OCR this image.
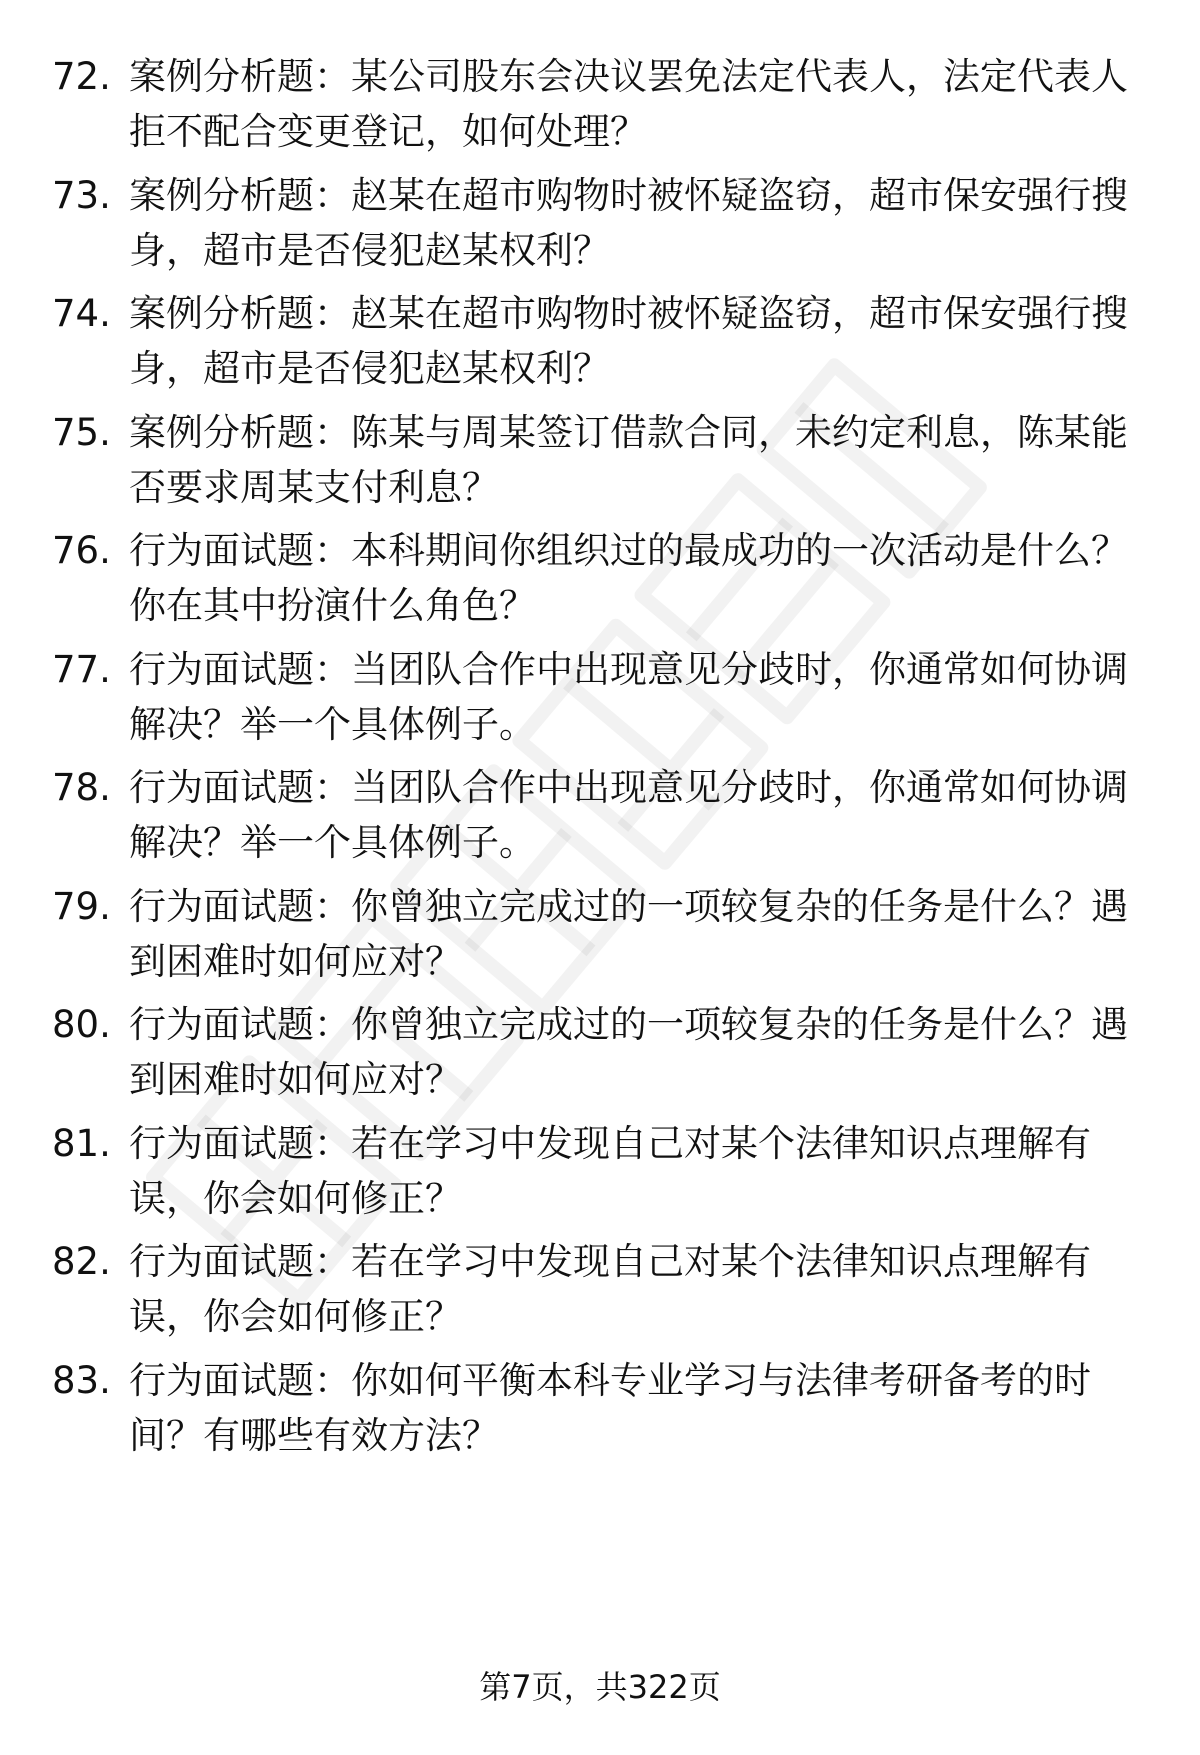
72. 案例分析题：某公司股东会决议罢免法定代表人，法定代表人拒不配合变更登记，如何处理？
73. 案例分析题：赵某在超市购物时被怀疑盗窃，超市保安强行搜身，超市是否侵犯赵某权利？
74. 案例分析题：赵某在超市购物时被怀疑盗窃，超市保安强行搜身，超市是否侵犯赵某权利？
75. 案例分析题：陈某与周某签订借款合同，未约定利息，陈某能否要求周某支付利息？
76. 行为面试题：本科期间你组织过的最成功的一次活动是什么？你在其中扮演什么角色？
77. 行为面试题：当团队合作中出现意见分歧时，你通常如何协调解决？举一个具体例子。
78. 行为面试题：当团队合作中出现意见分歧时，你通常如何协调解决？举一个具体例子。
79. 行为面试题：你曾独立完成过的一项较复杂的任务是什么？遇到困难时如何应对？
80. 行为面试题：你曾独立完成过的一项较复杂的任务是什么？遇到困难时如何应对？
81. 行为面试题：若在学习中发现自己对某个法律知识点理解有误，你会如何修正？
82. 行为面试题：若在学习中发现自己对某个法律知识点理解有误，你会如何修正？
83. 行为面试题：你如何平衡本科专业学习与法律考研备考的时间？有哪些有效方法？
第7页，共322页
